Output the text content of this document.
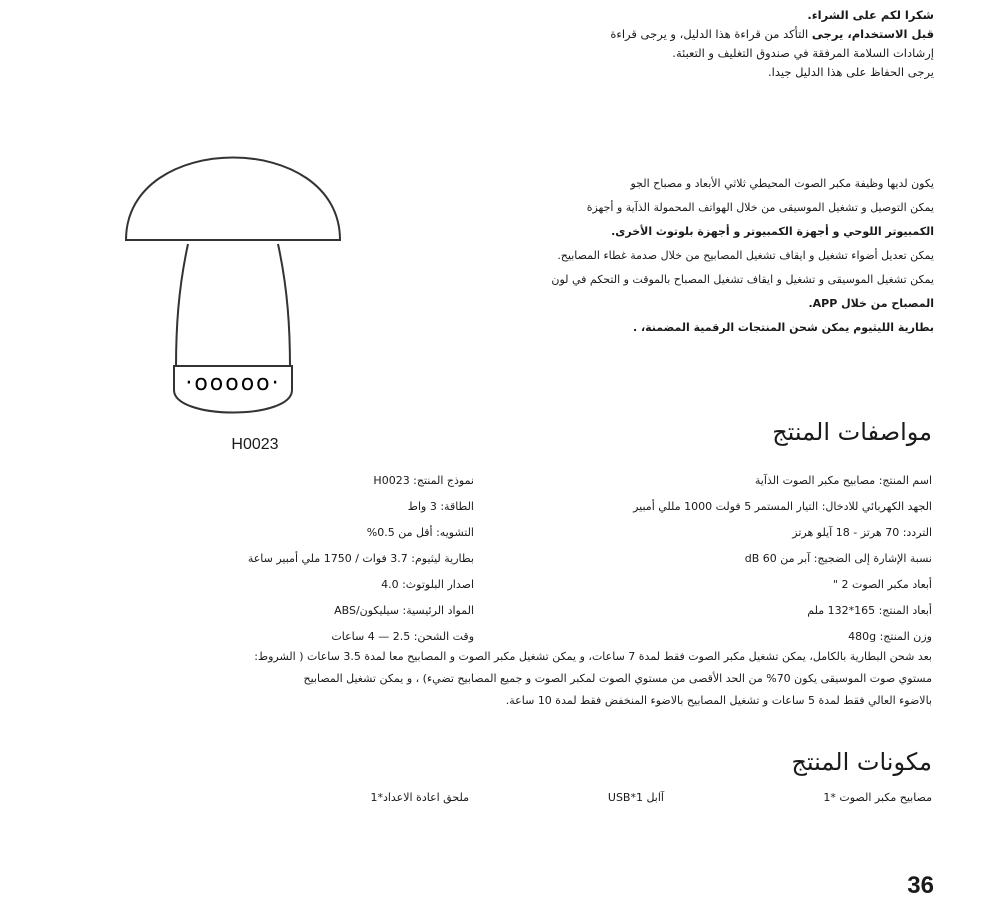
شكرا لكم على الشراء.

قبل الاستخدام، يرجى التأكد من قراءة هذا الدليل، و يرجى قراءة

إرشادات السلامة المرفقة في صندوق التغليف و التعبئة.

يرجى الحفاظ على هذا الدليل جيدا.

يكون لديها وظيفة مكبر الصوت المحيطي ثلاثي الأبعاد و مصباح الجو

يمكن التوصيل و تشغيل الموسيقى من خلال الهواتف المحمولة الذآية و أجهزة

الكمبيوتر اللوحي و أجهزة الكمبيوتر و أجهزة بلوتوث الأخرى.

يمكن تعديل أضواء تشغيل و ايقاف تشغيل المصابيح من خلال صدمة غطاء المصابيح.

يمكن تشغيل الموسيقى و تشغيل و ايقاف تشغيل المصباح بالموقت و التحكم في لون

المصباح من خلال APP.

بطارية الليثيوم يمكن شحن المنتجات الرقمية المضمنة، .

·ooooo·
H0023	مواصفات المنتج
اسم المنتج: مصابيح مكبر الصوت الذآية
الجهد الكهربائي للادخال: التيار المستمر 5 فولت 1000 مللي أمبير
التردد: 70 هرتز - 18 آيلو هرتز
نسبة الإشارة إلى الضجيج: آبر من 60 dB
أبعاد مكبر الصوت 2 "
أبعاد المنتج: 165*132 ملم
وزن المنتج: 480g
نموذج المنتج: H0023
الطاقة: 3 واط
التشويه: أقل من 0.5%
بطارية ليثيوم: 3.7 فوات / 1750 ملي أمبير ساعة
اصدار البلوتوث: 4.0
المواد الرئيسية: سيليكون/ABS
وقت الشحن: 2.5 — 4 ساعات

بعد شحن البطارية بالكامل، يمكن تشغيل مكبر الصوت فقط لمدة 7 ساعات، و يمكن تشغيل مكبر الصوت و المصابيح معا لمدة 3.5 ساعات ( الشروط:

مستوي صوت الموسيقى يكون 70% من الحد الأقصى من مستوي الصوت لمكبر الصوت و جميع المصابيح تضيء) ، و يمكن تشغيل المصابيح

بالاضوء العالي فقط لمدة 5 ساعات و تشغيل المصابيح بالاضوء المنخفض فقط لمدة 10 ساعة.

مكونات المنتج
مصابيح مكبر الصوت *1
آابل USB*1
ملحق اعادة الاعداد*1
36
